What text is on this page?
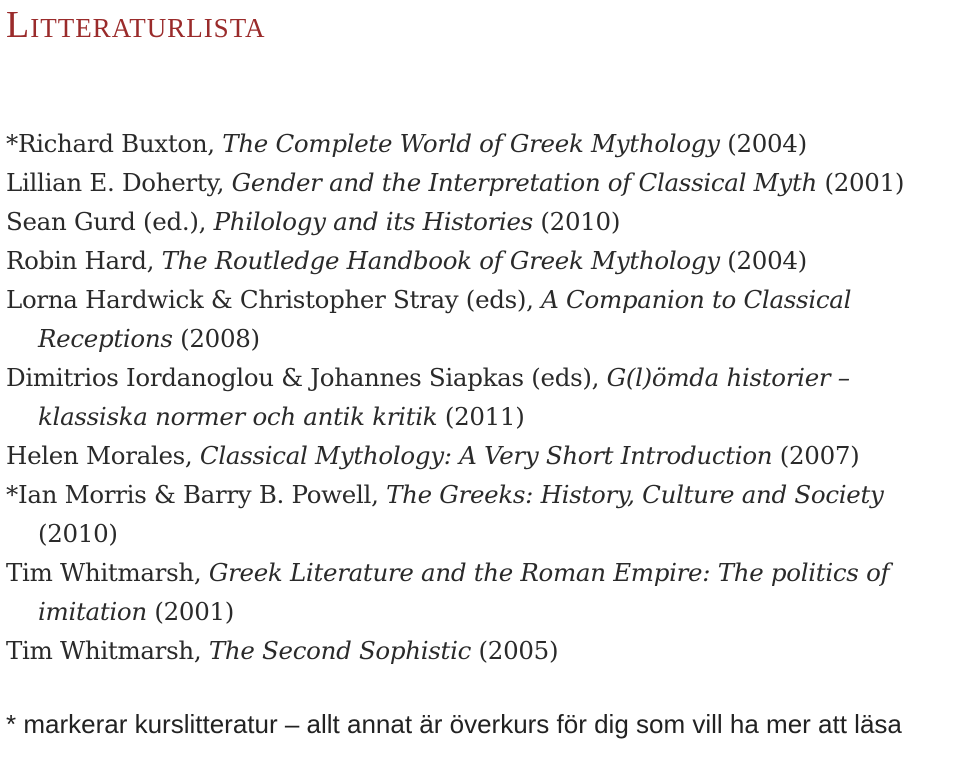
Litteraturlista
*Richard Buxton, The Complete World of Greek Mythology (2004)
Lillian E. Doherty, Gender and the Interpretation of Classical Myth (2001)
Sean Gurd (ed.), Philology and its Histories (2010)
Robin Hard, The Routledge Handbook of Greek Mythology (2004)
Lorna Hardwick & Christopher Stray (eds), A Companion to Classical Receptions (2008)
Dimitrios Iordanoglou & Johannes Siapkas (eds), G(l)ömda historier – klassiska normer och antik kritik (2011)
Helen Morales, Classical Mythology: A Very Short Introduction (2007)
*Ian Morris & Barry B. Powell, The Greeks: History, Culture and Society (2010)
Tim Whitmarsh, Greek Literature and the Roman Empire: The politics of imitation (2001)
Tim Whitmarsh, The Second Sophistic (2005)
* markerar kurslitteratur – allt annat är överkurs för dig som vill ha mer att läsa
